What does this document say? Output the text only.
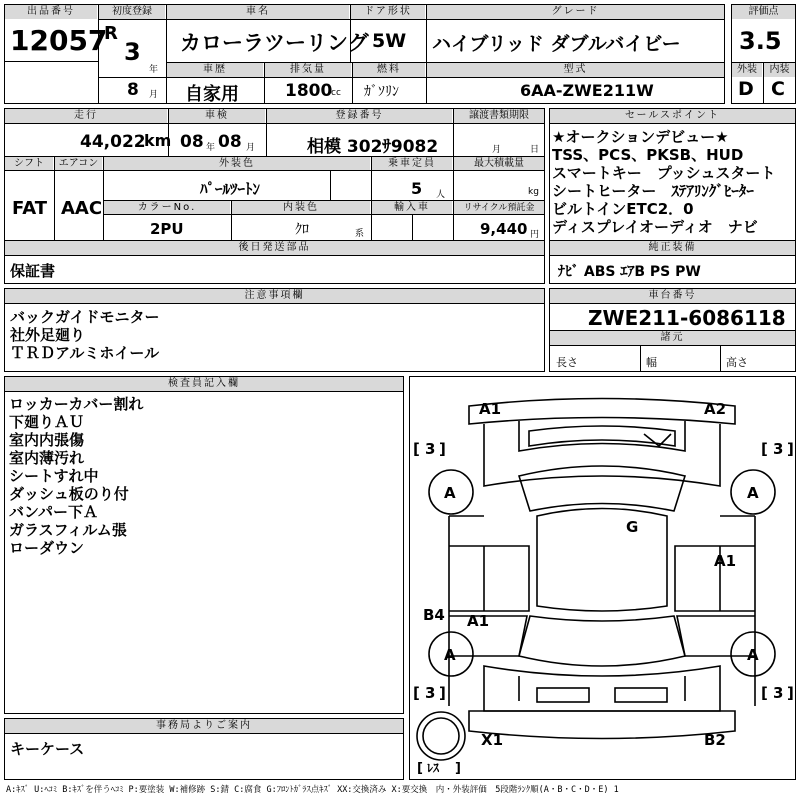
出品番号
12057
初度登録
R
3
年
8 月
車名
カローラツーリング
ドア形状
5W
グレード
ハイブリッド ダブルバイビー
車歴
自家用
排気量
1800
cc
燃料
ｶﾞｿﾘﾝ
型式
6AA-ZWE211W
評価点
3.5
外装	内装
D C
走行
44,022
km
車検
08 年 08 月
登録番号
相模 302ｻ9082
譲渡書類期限
月	日
シフト	エアコン
FAT AAC
外装色
ﾊﾟｰﾙﾂｰﾄﾝ
乗車定員
5 人
最大積載量
kg
カラーNo.
2PU
内装色
ｸﾛ	系
輸入車	リサイクル預託金
9,440 円
後日発送部品
保証書
セールスポイント
★オークションデビュー★
TSS、PCS、PKSB、HUD
スマートキー　プッシュスタート
シートヒーター　ｽﾃｱﾘﾝｸﾞﾋｰﾀｰ
ビルトインETC2．0
ディスプレイオーディオ　ナビ
純正装備
ﾅﾋﾞ ABS ｴｱB PS PW
注意事項欄
バックガイドモニター
社外足廻り
ＴＲＤアルミホイール
車台番号
ZWE211-6086118
諸元
長さ	幅	高さ
検査員記入欄
ロッカーカバー割れ
下廻りＡＵ
室内内張傷
室内薄汚れ
シートすれ中
ダッシュ板のり付
バンパー下Ａ
ガラスフィルム張
ローダウン
A1	A2
A	A
A	A
G
A1
B4 A1
X1	B2
[ 3 ]	[ 3 ]
[ 3 ]	[ 3 ]
[ ﾚｽ ]
事務局よりご案内
キーケース
A:ｷｽﾞ U:ﾍｺﾐ B:ｷｽﾞを伴うﾍｺﾐ P:要塗装 W:補修跡 S:錆 C:腐食 G:ﾌﾛﾝﾄｶﾞﾗｽ点ｷｽﾞ XX:交換済み X:要交換　内・外装評価　5段階ﾗﾝｸ順(A・B・C・D・E) 1
